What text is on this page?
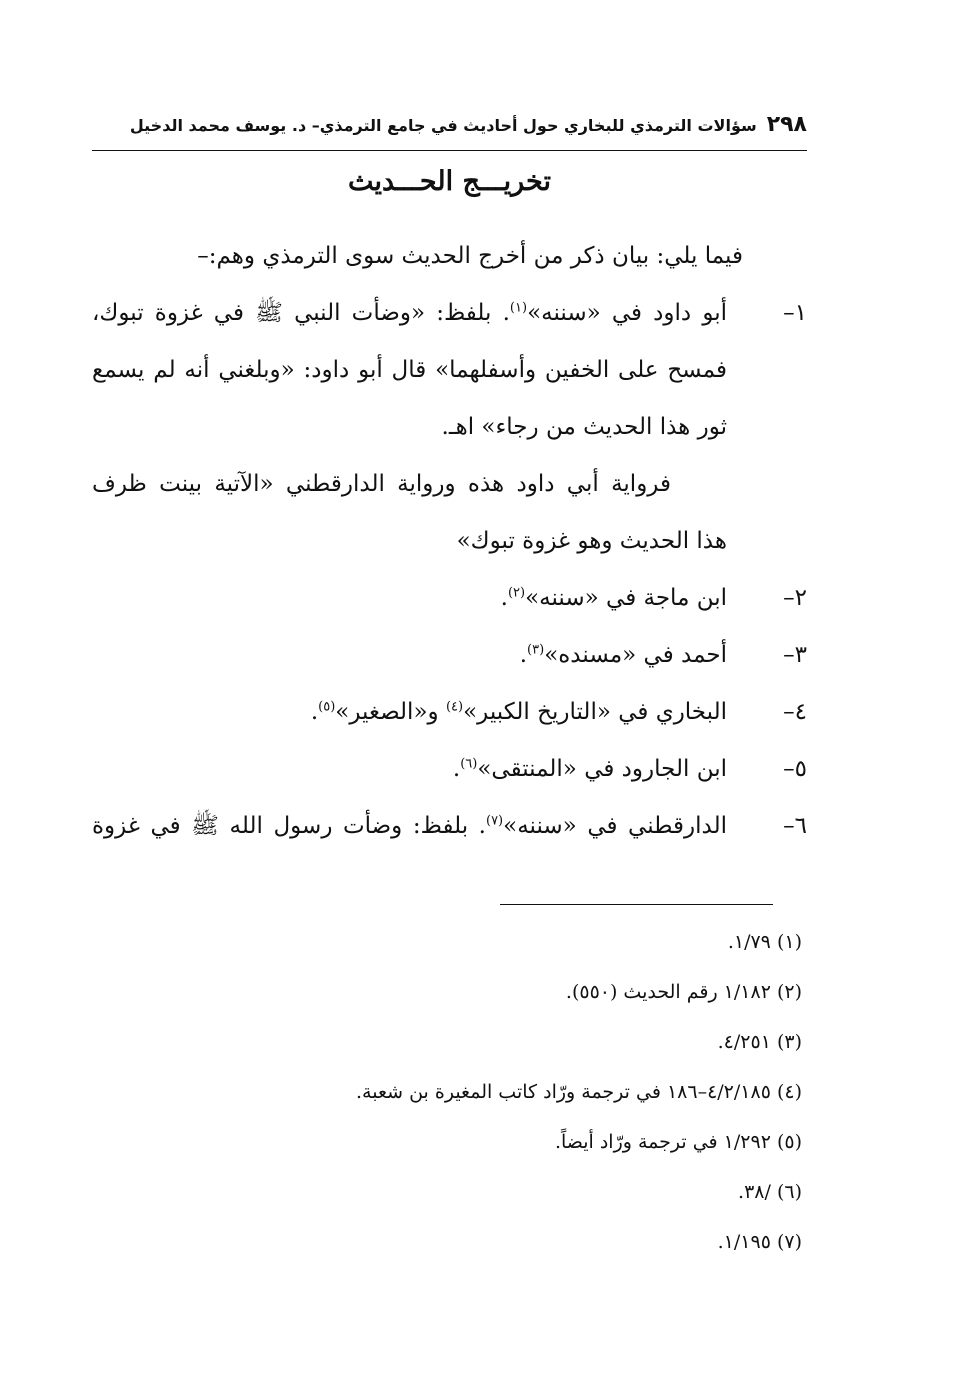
٢٩٨
سؤالات الترمذي للبخاري حول أحاديث في جامع الترمذي– د. يوسف محمد الدخيل
تخريـــج الحـــديث
فيما يلي: بيان ذكر من أخرج الحديث سوى الترمذي وهم:–
١–
أبو داود في «سننه»$^{(١)}$. بلفظ: «وضأت النبي ﷺ في غزوة تبوك،
فمسح على الخفين وأسفلهما» قال أبو داود: «وبلغني أنه لم يسمع
ثور هذا الحديث من رجاء» اهـ.
فرواية أبي داود هذه ورواية الدارقطني «الآتية بينت ظرف
هذا الحديث وهو غزوة تبوك»
٢–
ابن ماجة في «سننه»$^{(٢)}$.
٣–
أحمد في «مسنده»$^{(٣)}$.
٤–
البخاري في «التاريخ الكبير»$^{(٤)}$ و«الصغير»$^{(٥)}$.
٥–
ابن الجارود في «المنتقى»$^{(٦)}$.
٦–
الدارقطني في «سننه»$^{(٧)}$. بلفظ: وضأت رسول الله ﷺ في غزوة
(١) ١/٧٩.
(٢) ١/١٨٢ رقم الحديث (٥٥٠).
(٣) ٤/٢٥١.
(٤) ٤/٢/١٨٥–١٨٦ في ترجمة ورّاد كاتب المغيرة بن شعبة.
(٥) ١/٢٩٢ في ترجمة ورّاد أيضاً.
(٦) /٣٨.
(٧) ١/١٩٥.
